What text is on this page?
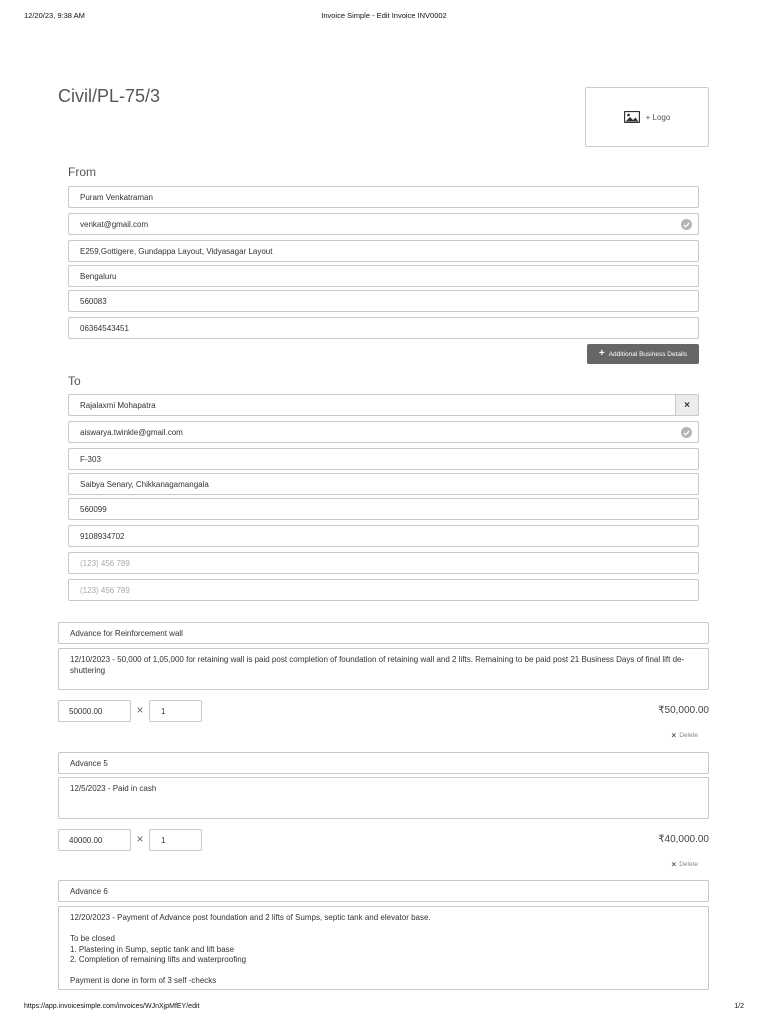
12/20/23, 9:38 AM	Invoice Simple - Edit Invoice INV0002
https://app.invoicesimple.com/invoices/WJnXjpMfEY/edit	1/2
Civil/PL-75/3
+ Logo
From
Puram Venkatraman
venkat@gmail.com
E259,Gottigere, Gundappa Layout, Vidyasagar Layout
Bengaluru
560083
06364543451
+ Additional Business Details
To
Rajalaxmi Mohapatra	×
aiswarya.twinkle@gmail.com
F-303
Saibya Senary, Chikkanagamangala
560099
9108934702
(123) 456 789
(123) 456 789
Advance for Reinforcement wall
12/10/2023 - 50,000 of 1,05,000 for retaining wall is paid post completion of foundation of retaining wall and 2 lifts. Remaining to be paid post 21 Business Days of final lift de-shuttering
50000.00	×	1	₹50,000.00
× Delete
Advance 5
12/5/2023 - Paid in cash
40000.00	×	1	₹40,000.00
× Delete
Advance 6
12/20/2023 - Payment of Advance post foundation and 2 lifts of Sumps, septic tank and elevator base.
To be closed
1. Plastering in Sump, septic tank and lift base
2. Completion of remaining lifts and waterproofing
Payment is done in form of 3 self -checks
